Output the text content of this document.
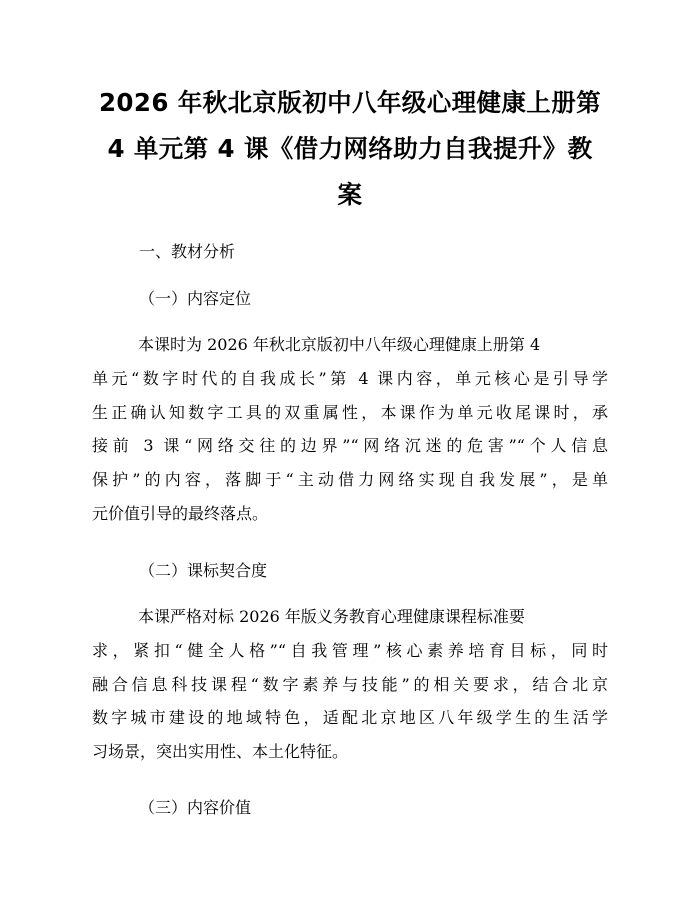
2026 年秋北京版初中八年级心理健康上册第
4 单元第 4 课《借力网络助力自我提升》教
案

一、教材分析

（一）内容定位

本课时为 2026 年秋北京版初中八年级心理健康上册第 4
单元“数字时代的自我成长”第 4 课内容，单元核心是引导学
生正确认知数字工具的双重属性，本课作为单元收尾课时，承
接前 3 课“网络交往的边界”“网络沉迷的危害”“个人信息
保护”的内容，落脚于“主动借力网络实现自我发展”，是单
元价值引导的最终落点。

（二）课标契合度

本课严格对标 2026 年版义务教育心理健康课程标准要
求，紧扣“健全人格”“自我管理”核心素养培育目标，同时
融合信息科技课程“数字素养与技能”的相关要求，结合北京
数字城市建设的地域特色，适配北京地区八年级学生的生活学
习场景，突出实用性、本土化特征。

（三）内容价值
